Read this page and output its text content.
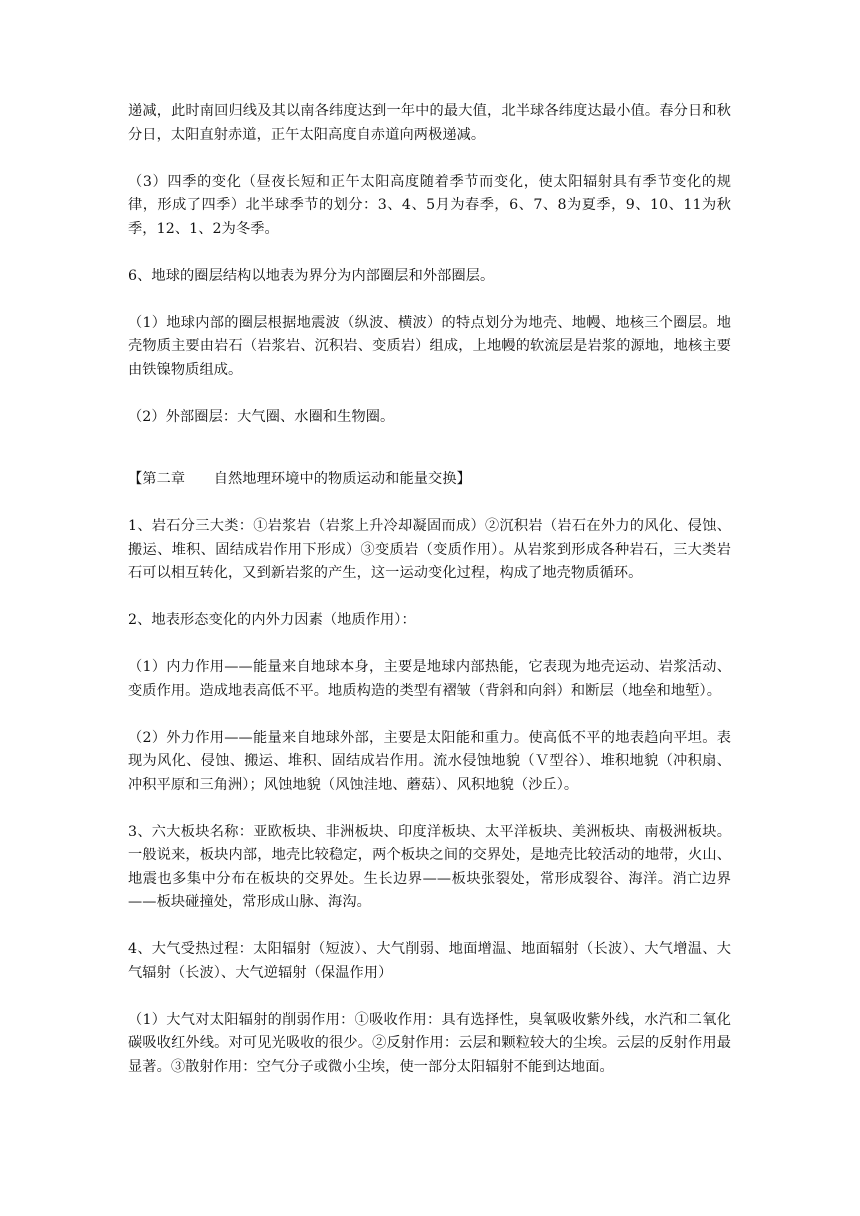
递减，此时南回归线及其以南各纬度达到一年中的最大值，北半球各纬度达最小值。春分日和秋分日，太阳直射赤道，正午太阳高度自赤道向两极递减。

（3）四季的变化（昼夜长短和正午太阳高度随着季节而变化，使太阳辐射具有季节变化的规律，形成了四季）北半球季节的划分：3、4、5月为春季，6、7、8为夏季，9、10、11为秋季，12、1、2为冬季。

6、地球的圈层结构以地表为界分为内部圈层和外部圈层。

（1）地球内部的圈层根据地震波（纵波、横波）的特点划分为地壳、地幔、地核三个圈层。地壳物质主要由岩石（岩浆岩、沉积岩、变质岩）组成，上地幔的软流层是岩浆的源地，地核主要由铁镍物质组成。

（2）外部圈层：大气圈、水圈和生物圈。

【第二章　　自然地理环境中的物质运动和能量交换】

1、岩石分三大类：①岩浆岩（岩浆上升冷却凝固而成）②沉积岩（岩石在外力的风化、侵蚀、搬运、堆积、固结成岩作用下形成）③变质岩（变质作用）。从岩浆到形成各种岩石，三大类岩石可以相互转化，又到新岩浆的产生，这一运动变化过程，构成了地壳物质循环。

2、地表形态变化的内外力因素（地质作用）：

（1）内力作用——能量来自地球本身，主要是地球内部热能，它表现为地壳运动、岩浆活动、变质作用。造成地表高低不平。地质构造的类型有褶皱（背斜和向斜）和断层（地垒和地堑）。

（2）外力作用——能量来自地球外部，主要是太阳能和重力。使高低不平的地表趋向平坦。表现为风化、侵蚀、搬运、堆积、固结成岩作用。流水侵蚀地貌（Ｖ型谷）、堆积地貌（冲积扇、冲积平原和三角洲）；风蚀地貌（风蚀洼地、蘑菇）、风积地貌（沙丘）。

3、六大板块名称：亚欧板块、非洲板块、印度洋板块、太平洋板块、美洲板块、南极洲板块。一般说来，板块内部，地壳比较稳定，两个板块之间的交界处，是地壳比较活动的地带，火山、地震也多集中分布在板块的交界处。生长边界——板块张裂处，常形成裂谷、海洋。消亡边界——板块碰撞处，常形成山脉、海沟。

4、大气受热过程：太阳辐射（短波）、大气削弱、地面增温、地面辐射（长波）、大气增温、大气辐射（长波）、大气逆辐射（保温作用）

（1）大气对太阳辐射的削弱作用：①吸收作用：具有选择性，臭氧吸收紫外线，水汽和二氧化碳吸收红外线。对可见光吸收的很少。②反射作用：云层和颗粒较大的尘埃。云层的反射作用最显著。③散射作用：空气分子或微小尘埃，使一部分太阳辐射不能到达地面。
